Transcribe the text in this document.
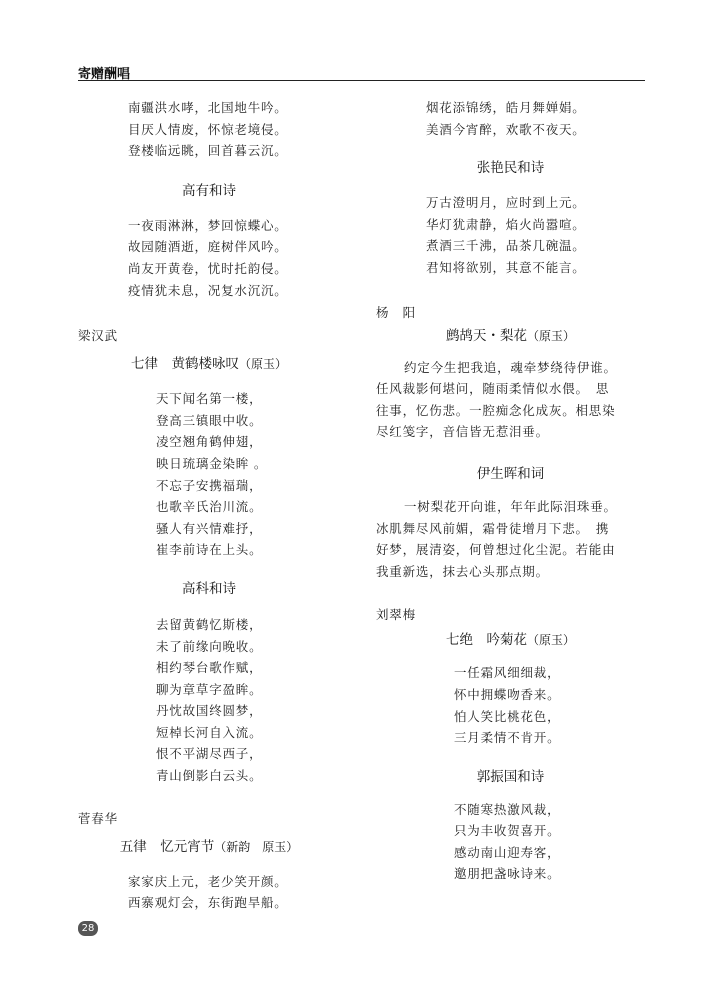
寄赠酬唱
南疆洪水哮，北国地牛吟。
目厌人情废，怀惊老境侵。
登楼临远眺，回首暮云沉。
高有和诗
一夜雨淋淋，梦回惊蝶心。
故园随酒逝，庭树伴风吟。
尚友开黄卷，忧时托韵侵。
疫情犹未息，况复水沉沉。
梁汉武
七律　黄鹤楼咏叹（原玉）
天下闻名第一楼，
登高三镇眼中收。
凌空翘角鹤伸翅，
映日琉璃金染眸 。
不忘子安携福瑞，
也歌辛氏治川流。
骚人有兴情难抒，
崔李前诗在上头。
高科和诗
去留黄鹤忆斯楼，
未了前缘向晚收。
相约琴台歌作赋，
聊为章草字盈眸。
丹忱故国终圆梦，
短棹长河自入流。
恨不平湖尽西子，
青山倒影白云头。
菅春华
五律　忆元宵节（新韵　原玉）
家家庆上元，老少笑开颜。
西寨观灯会，东街跑旱船。
烟花添锦绣，皓月舞婵娟。
美酒今宵醉，欢歌不夜天。
张艳民和诗
万古澄明月，应时到上元。
华灯犹肃静，焰火尚嚣喧。
煮酒三千沸，品茶几碗温。
君知将欲别，其意不能言。
杨　阳
鹧鸪天・梨花（原玉）
约定今生把我追，魂牵梦绕待伊谁。
任风裁影何堪问，随雨柔情似水偎。　思
往事，忆伤悲。一腔痴念化成灰。相思染
尽红笺字，音信皆无惹泪垂。
伊生晖和词
一树梨花开向谁，年年此际泪珠垂。
冰肌舞尽风前媚，霜骨徒增月下悲。　携
好梦，展清姿，何曾想过化尘泥。若能由
我重新选，抹去心头那点期。
刘翠梅
七绝　吟菊花（原玉）
一任霜风细细裁，
怀中拥蝶吻香来。
怕人笑比桃花色，
三月柔情不肯开。
郭振国和诗
不随寒热激风裁，
只为丰收贺喜开。
感动南山迎寿客，
邀朋把盏咏诗来。
28
